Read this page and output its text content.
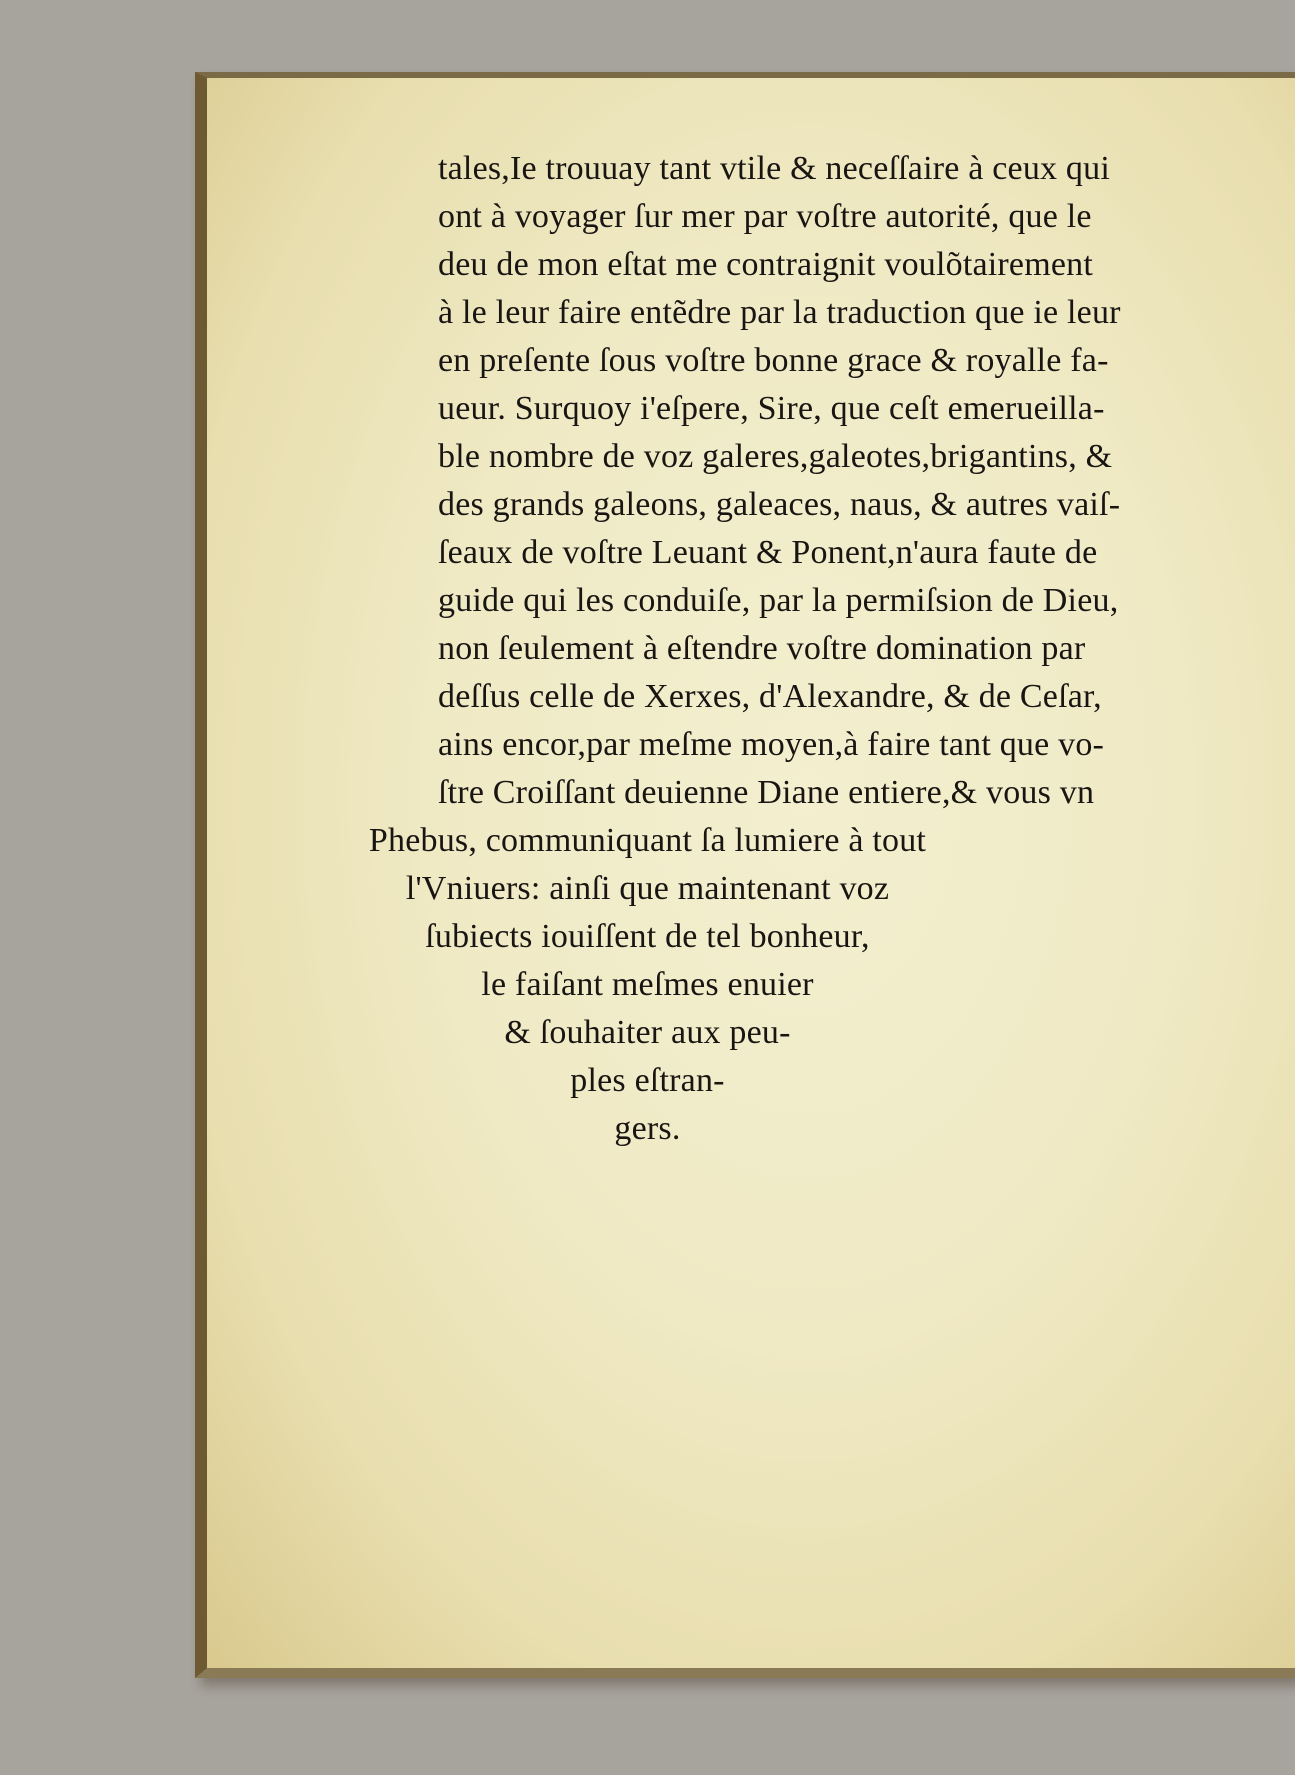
tales,Ie trouuay tant vtile & neceſſaire à ceux qui
ont à voyager ſur mer par voſtre autorité, que le
deu de mon eſtat me contraignit voulõtairement
à le leur faire entẽdre par la traduction que ie leur
en preſente ſous voſtre bonne grace & royalle fa-
ueur. Surquoy i'eſpere, Sire, que ceſt emerueilla-
ble nombre de voz galeres,galeotes,brigantins, &
des grands galeons, galeaces, naus, & autres vaiſ-
ſeaux de voſtre Leuant & Ponent,n'aura faute de
guide qui les conduiſe, par la permiſsion de Dieu,
non ſeulement à eſtendre voſtre domination par
deſſus celle de Xerxes, d'Alexandre, & de Ceſar,
ains encor,par meſme moyen,à faire tant que vo-
ſtre Croiſſant deuienne Diane entiere,& vous vn
Phebus, communiquant ſa lumiere à tout
l'Vniuers: ainſi que maintenant voz
ſubiects iouiſſent de tel bonheur,
le faiſant meſmes enuier
& ſouhaiter aux peu-
ples eſtran-
gers.
